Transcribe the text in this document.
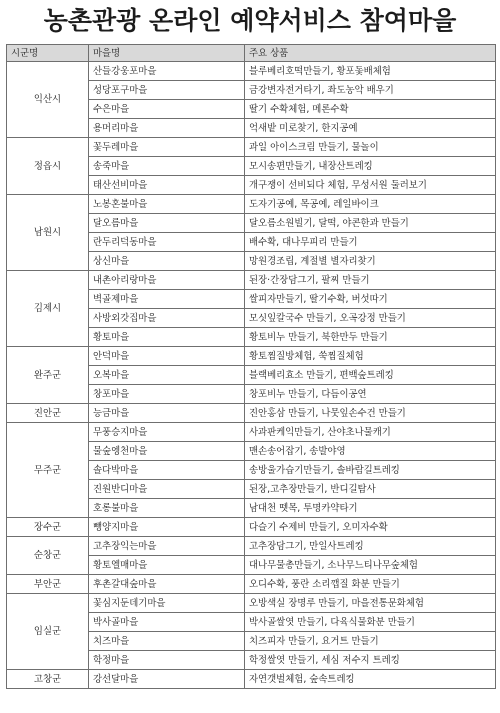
농촌관광 온라인 예약서비스 참여마을
시군명	마을명	주요 상품
익산시	산들강웅포마을	블루베리호떡만들기, 황포돛배체험
	성당포구마을	금강변자전거타기, 좌도농악 배우기
	수은마을	딸기 수확체험, 메론수확
	용머리마을	억새밭 미로찾기, 한지공예
정읍시	꽃두레마을	과일 아이스크림 만들기, 물놀이
	송죽마을	모시송편만들기, 내장산트레킹
	태산선비마을	개구쟁이 선비되다 체험, 무성서원 둘러보기
남원시	노봉혼불마을	도자기공예, 목공예, 레일바이크
	달오름마을	달오름소원빌기, 달떡, 야콘한과 만들기
	란두리덕동마을	배수확, 대나무피리 만들기
	상신마을	망원경조립, 계절별 별자리찾기
김제시	내촌아리랑마을	된장·간장담그기, 팔찌 만들기
	벽골제마을	쌀피자만들기, 딸기수확, 버섯따기
	사방외갓집마을	모싯잎칼국수 만들기, 오곡강정 만들기
	황토마을	황토비누 만들기, 북한만두 만들기
완주군	안덕마을	황토찜질방체험, 쑥찜질체험
	오복마을	블랙베리효소 만들기, 편백숲트레킹
	창포마을	창포비누 만들기, 다듬이공연
진안군	능금마을	진안홍삼 만들기, 나뭇잎손수건 만들기
무주군	무풍승지마을	사과판케익만들기, 산야초나물캐기
	물숲엥천마을	맨손송어잡기, 송발야영
	솔다박마을	송방울가습기만들기, 솔바람길트레킹
	진원반디마을	된장,고추장만들기, 반디길탐사
	호롱불마을	남대천 뗏목, 투명카약타기
장수군	뺑양지마을	다슬기 수제비 만들기, 오미자수확
순창군	고추장익는마을	고추장담그기, 만일사트레킹
	황토엘매마을	대나무물총만들기, 소나무느티나무숲체험
부안군	후촌갈대숲마을	오디수확, 풍란 소리깹질 화분 만들기
임실군	꽃심지둔데기마을	오방색실 장명루 만들기, 마을전통문화체험
	박사골마을	박사골쌀엿 만들기, 다육식물화분 만들기
	치즈마을	치즈피자 만들기, 요거트 만들기
	학정마을	학정쌀엿 만들기, 세심 저수지 트레킹
고창군	강선달마을	자연갯벌체험, 숲속트레킹
